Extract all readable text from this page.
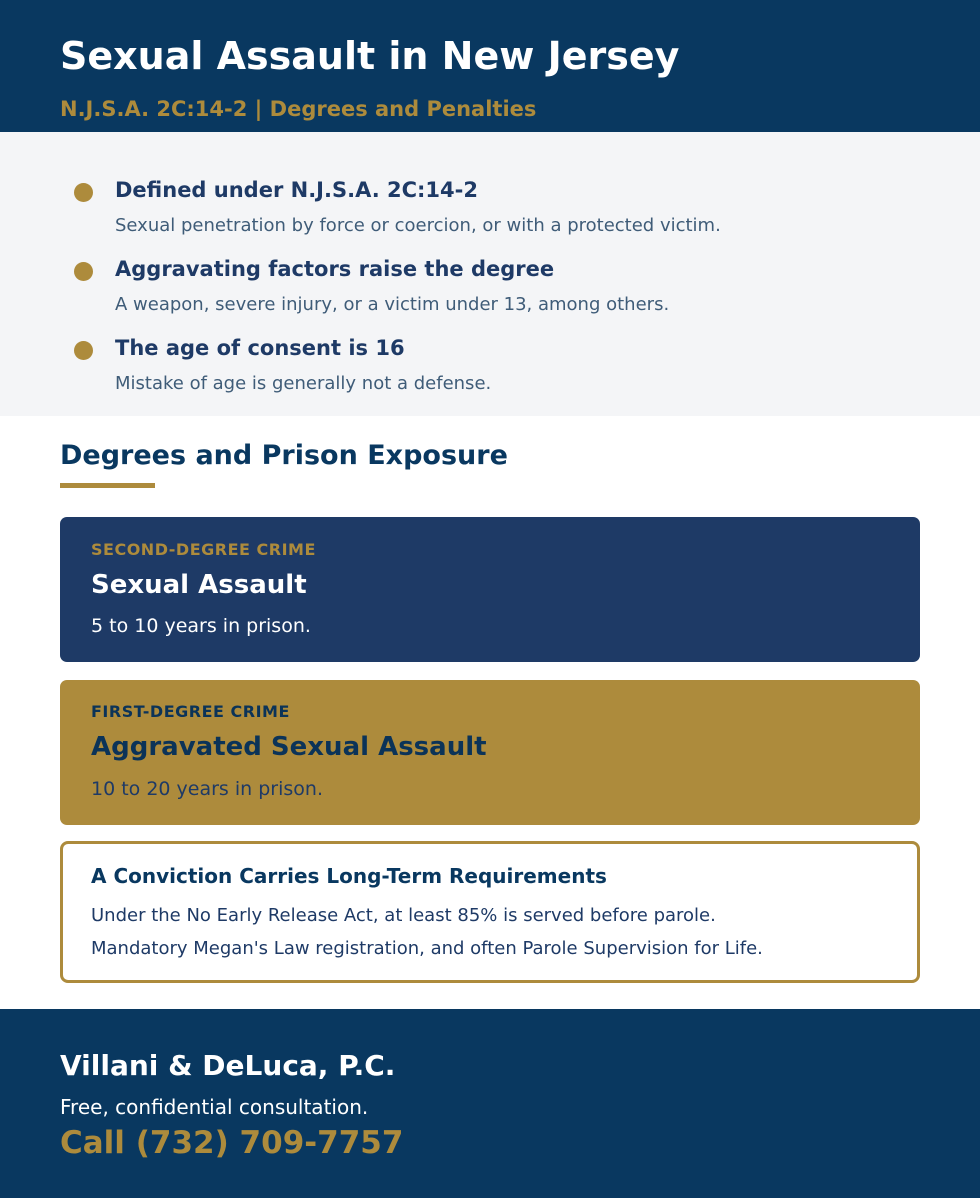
Sexual Assault in New Jersey
N.J.S.A. 2C:14-2 | Degrees and Penalties
Defined under N.J.S.A. 2C:14-2
Sexual penetration by force or coercion, or with a protected victim.
Aggravating factors raise the degree
A weapon, severe injury, or a victim under 13, among others.
The age of consent is 16
Mistake of age is generally not a defense.
Degrees and Prison Exposure
SECOND-DEGREE CRIME
Sexual Assault
5 to 10 years in prison.
FIRST-DEGREE CRIME
Aggravated Sexual Assault
10 to 20 years in prison.
A Conviction Carries Long-Term Requirements
Under the No Early Release Act, at least 85% is served before parole.
Mandatory Megan's Law registration, and often Parole Supervision for Life.
Villani & DeLuca, P.C.
Free, confidential consultation.
Call (732) 709-7757
